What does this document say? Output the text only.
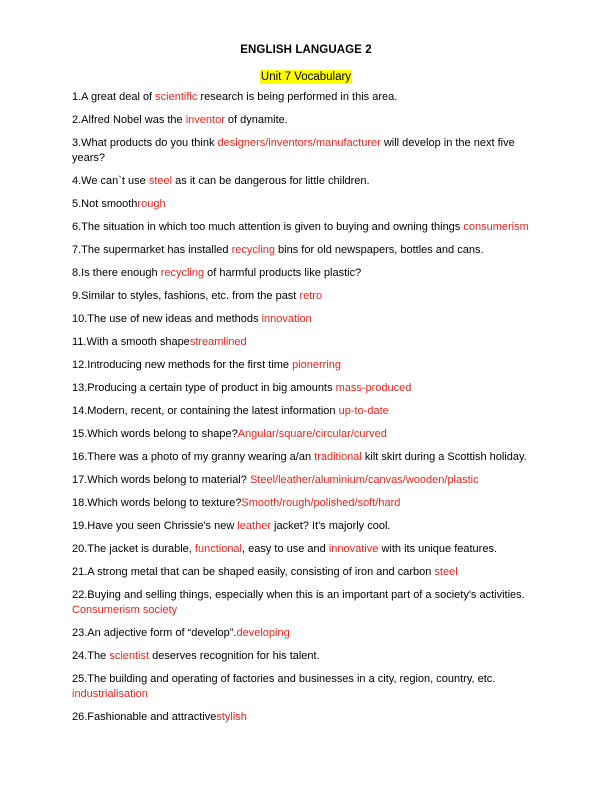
ENGLISH LANGUAGE 2
Unit 7 Vocabulary
1.A great deal of scientific research is being performed in this area.
2.Alfred Nobel was the inventor of dynamite.
3.What products do you think designers/inventors/manufacturer will develop in the next five years?
4.We can`t use steel as it can be dangerous for little children.
5.Not smoothrough
6.The situation in which too much attention is given to buying and owning things consumerism
7.The supermarket has installed recycling bins for old newspapers, bottles and cans.
8.Is there enough recycling of harmful products like plastic?
9.Similar to styles, fashions, etc. from the past retro
10.The use of new ideas and methods innovation
11.With a smooth shapestreamlined
12.Introducing new methods for the first time pionerring
13.Producing a certain type of product in big amounts mass-produced
14.Modern, recent, or containing the latest information up-to-date
15.Which words belong to shape?Angular/square/circular/curved
16.There was a photo of my granny wearing a/an traditional kilt skirt during a Scottish holiday.
17.Which words belong to material? Steel/leather/aluminium/canvas/wooden/plastic
18.Which words belong to texture?Smooth/rough/polished/soft/hard
19.Have you seen Chrissie's new leather jacket? It's majorly cool.
20.The jacket is durable, functional, easy to use and innovative with its unique features.
21.A strong metal that can be shaped easily, consisting of iron and carbon steel
22.Buying and selling things, especially when this is an important part of a society's activities. Consumerism society
23.An adjective form of “develop”.developing
24.The scientist deserves recognition for his talent.
25.The building and operating of factories and businesses in a city, region, country, etc. industrialisation
26.Fashionable and attractivestylish
